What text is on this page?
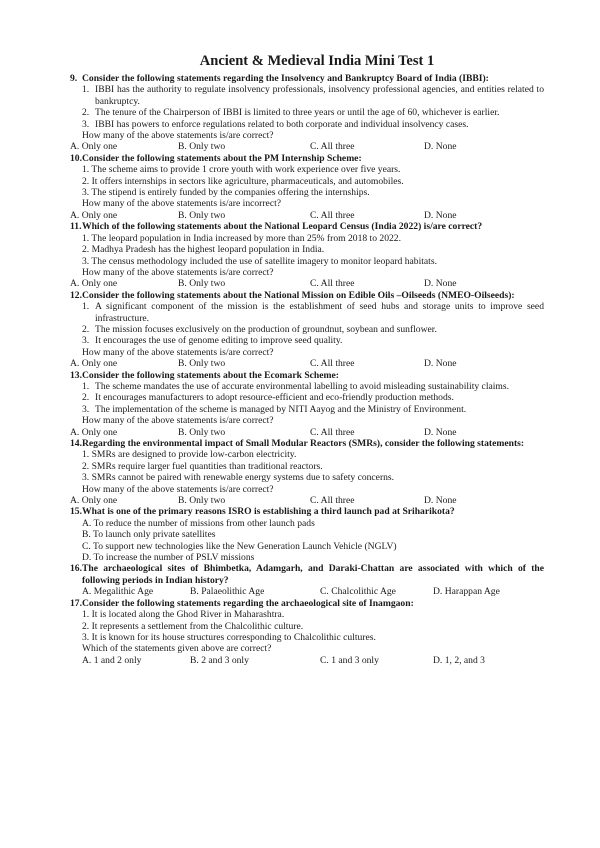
Ancient & Medieval India Mini Test 1
9. Consider the following statements regarding the Insolvency and Bankruptcy Board of India (IBBI):
1. IBBI has the authority to regulate insolvency professionals, insolvency professional agencies, and entities related to bankruptcy.
2. The tenure of the Chairperson of IBBI is limited to three years or until the age of 60, whichever is earlier.
3. IBBI has powers to enforce regulations related to both corporate and individual insolvency cases.
How many of the above statements is/are correct?
A. Only one	B. Only two	C. All three	D. None
10.Consider the following statements about the PM Internship Scheme:
1. The scheme aims to provide 1 crore youth with work experience over five years.
2. It offers internships in sectors like agriculture, pharmaceuticals, and automobiles.
3. The stipend is entirely funded by the companies offering the internships.
How many of the above statements is/are incorrect?
A. Only one	B. Only two	C. All three	D. None
11.Which of the following statements about the National Leopard Census (India 2022) is/are correct?
1. The leopard population in India increased by more than 25% from 2018 to 2022.
2. Madhya Pradesh has the highest leopard population in India.
3. The census methodology included the use of satellite imagery to monitor leopard habitats.
How many of the above statements is/are correct?
A. Only one	B. Only two	C. All three	D. None
12.Consider the following statements about the National Mission on Edible Oils –Oilseeds (NMEO-Oilseeds):
1. A significant component of the mission is the establishment of seed hubs and storage units to improve seed infrastructure.
2. The mission focuses exclusively on the production of groundnut, soybean and sunflower.
3. It encourages the use of genome editing to improve seed quality.
How many of the above statements is/are correct?
A. Only one	B. Only two	C. All three	D. None
13.Consider the following statements about the Ecomark Scheme:
1. The scheme mandates the use of accurate environmental labelling to avoid misleading sustainability claims.
2. It encourages manufacturers to adopt resource-efficient and eco-friendly production methods.
3. The implementation of the scheme is managed by NITI Aayog and the Ministry of Environment.
How many of the above statements is/are correct?
A. Only one	B. Only two	C. All three	D. None
14.Regarding the environmental impact of Small Modular Reactors (SMRs), consider the following statements:
1. SMRs are designed to provide low-carbon electricity.
2. SMRs require larger fuel quantities than traditional reactors.
3. SMRs cannot be paired with renewable energy systems due to safety concerns.
How many of the above statements is/are correct?
A. Only one	B. Only two	C. All three	D. None
15.What is one of the primary reasons ISRO is establishing a third launch pad at Sriharikota?
A. To reduce the number of missions from other launch pads
B. To launch only private satellites
C. To support new technologies like the New Generation Launch Vehicle (NGLV)
D. To increase the number of PSLV missions
16.The archaeological sites of Bhimbetka, Adamgarh, and Daraki-Chattan are associated with which of the following periods in Indian history?
A. Megalithic Age	B. Palaeolithic Age	C. Chalcolithic Age	D. Harappan Age
17.Consider the following statements regarding the archaeological site of Inamgaon:
1. It is located along the Ghod River in Maharashtra.
2. It represents a settlement from the Chalcolithic culture.
3. It is known for its house structures corresponding to Chalcolithic cultures.
Which of the statements given above are correct?
A. 1 and 2 only	B. 2 and 3 only	C. 1 and 3 only	D. 1, 2, and 3
